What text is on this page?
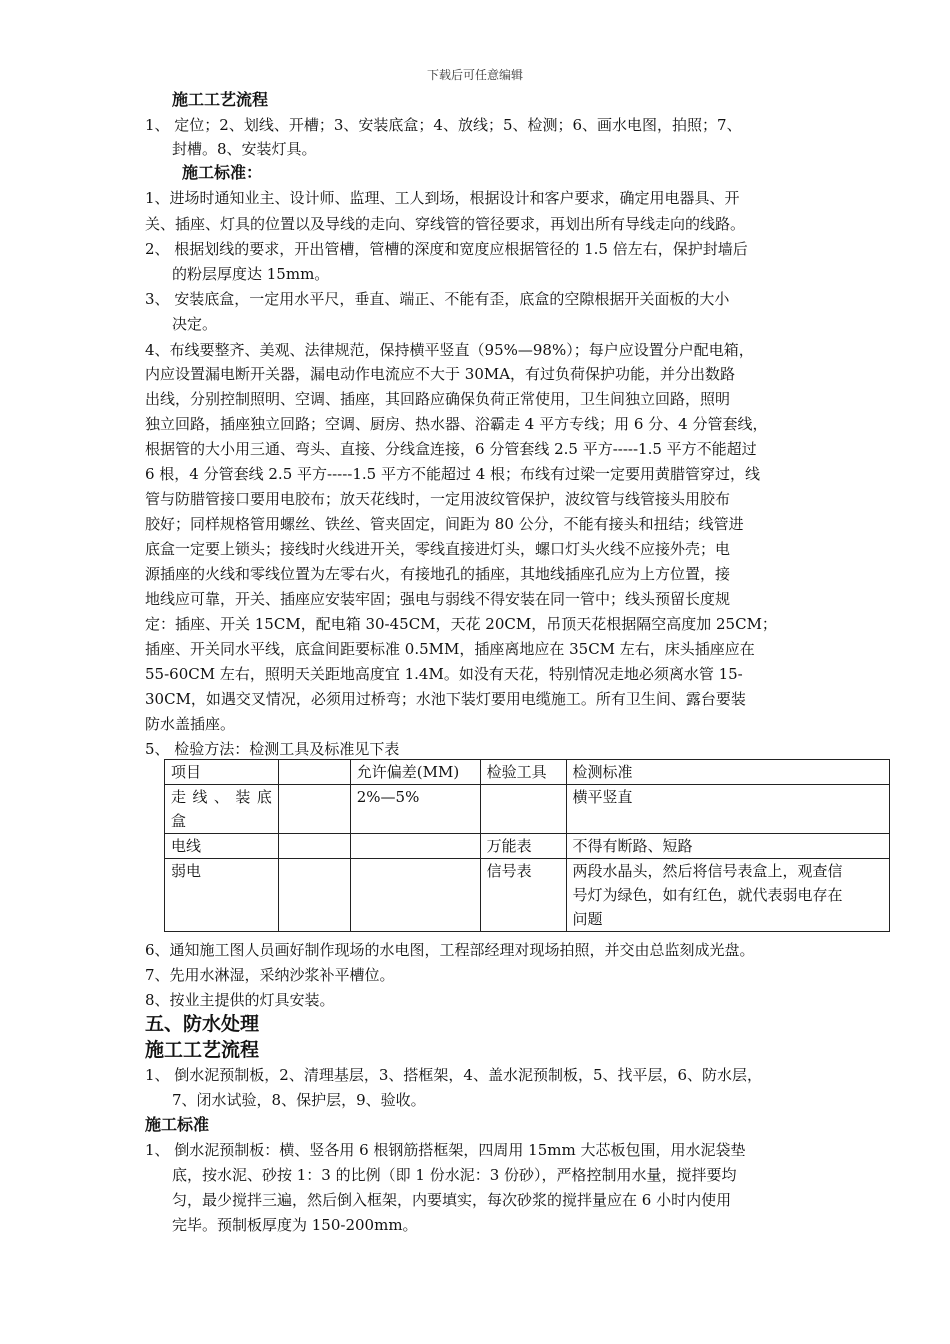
下载后可任意编辑
施工工艺流程
1、 定位；2、划线、开槽；3、安装底盒；4、放线；5、检测；6、画水电图，拍照；7、
封槽。8、安装灯具。
施工标准：
1、进场时通知业主、设计师、监理、工人到场，根据设计和客户要求，确定用电器具、开
关、插座、灯具的位置以及导线的走向、穿线管的管径要求，再划出所有导线走向的线路。
2、 根据划线的要求，开出管槽，管槽的深度和宽度应根据管径的 1.5 倍左右，保护封墙后
的粉层厚度达 15mm。
3、 安装底盒，一定用水平尺，垂直、端正、不能有歪，底盒的空隙根据开关面板的大小
决定。
4、布线要整齐、美观、法律规范，保持横平竖直（95%—98%）；每户应设置分户配电箱，
内应设置漏电断开关器，漏电动作电流应不大于 30MA，有过负荷保护功能，并分出数路
出线，分别控制照明、空调、插座，其回路应确保负荷正常使用，卫生间独立回路，照明
独立回路，插座独立回路；空调、厨房、热水器、浴霸走 4 平方专线；用 6 分、4 分管套线，
根据管的大小用三通、弯头、直接、分线盒连接，6 分管套线 2.5 平方-----1.5 平方不能超过
6 根，4 分管套线 2.5 平方-----1.5 平方不能超过 4 根；布线有过梁一定要用黄腊管穿过，线
管与防腊管接口要用电胶布；放天花线时，一定用波纹管保护，波纹管与线管接头用胶布
胶好；同样规格管用螺丝、铁丝、管夹固定，间距为 80 公分，不能有接头和扭结；线管进
底盒一定要上锁头；接线时火线进开关，零线直接进灯头，螺口灯头火线不应接外壳；电
源插座的火线和零线位置为左零右火，有接地孔的插座，其地线插座孔应为上方位置，接
地线应可靠，开关、插座应安装牢固；强电与弱线不得安装在同一管中；线头预留长度规
定：插座、开关 15CM，配电箱 30-45CM，天花 20CM，吊顶天花根据隔空高度加 25CM；
插座、开关同水平线，底盒间距要标准 0.5MM，插座离地应在 35CM 左右，床头插座应在
55-60CM 左右，照明天关距地高度宜 1.4M。如没有天花，特别情况走地必须离水管 15-
30CM，如遇交叉情况，必须用过桥弯；水池下装灯要用电缆施工。所有卫生间、露台要装
防水盖插座。
5、 检验方法：检测工具及标准见下表
项目		允许偏差(MM)	检验工具	检测标准

走线、装底
盒		2%—5%		横平竖直

电线			万能表	不得有断路、短路

弱电			信号表	两段水晶头，然后将信号表盒上，观查信
号灯为绿色，如有红色，就代表弱电存在
问题
6、通知施工图人员画好制作现场的水电图，工程部经理对现场拍照，并交由总监刻成光盘。
7、先用水淋湿，采纳沙浆补平槽位。
8、按业主提供的灯具安装。
五、防水处理
施工工艺流程
1、 倒水泥预制板，2、清理基层，3、搭框架，4、盖水泥预制板，5、找平层，6、防水层，
7、闭水试验，8、保护层，9、验收。
施工标准
1、 倒水泥预制板：横、竖各用 6 根钢筋搭框架，四周用 15mm 大芯板包围，用水泥袋垫
底，按水泥、砂按 1：3 的比例（即 1 份水泥：3 份砂），严格控制用水量，搅拌要均
匀，最少搅拌三遍，然后倒入框架，内要填实，每次砂浆的搅拌量应在 6 小时内使用
完毕。预制板厚度为 150-200mm。
